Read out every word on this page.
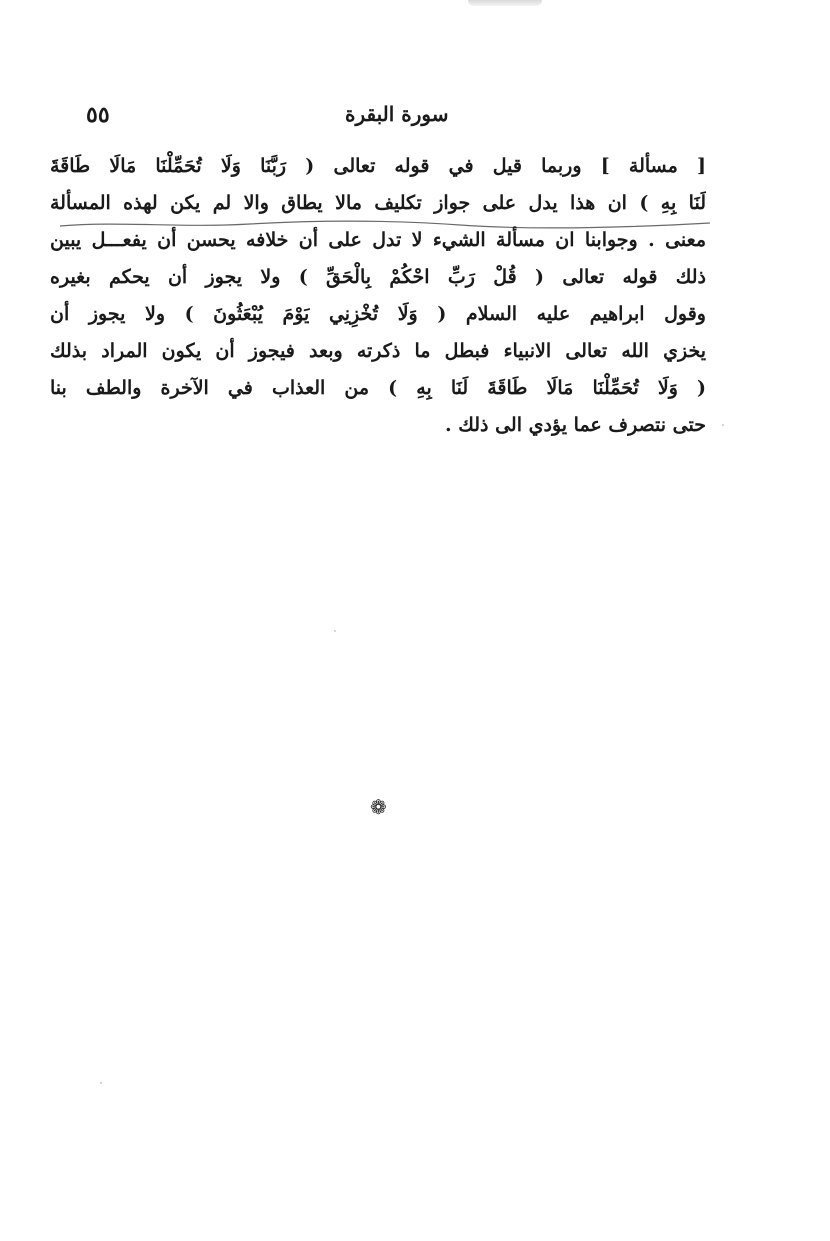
٥٥	سورة البقرة
[ مسألة ] وربما قيل في قوله تعالى ( رَبَّنَا وَلَا تُحَمِّلْنَا مَالَا طَاقَةَ
لَنَا بِهِ ) ان هذا يدل على جواز تكليف مالا يطاق والا لم يكن لهذه المسألة
معنى . وجوابنا ان مسألة الشيء لا تدل على أن خلافه يحسن أن يفعـــل يبين
ذلك قوله تعالى ( قُلْ رَبِّ احْكُمْ بِالْحَقِّ ) ولا يجوز أن يحكم بغيره
وقول ابراهيم عليه السلام ( وَلَا تُخْزِنِي يَوْمَ يُبْعَثُونَ ) ولا يجوز أن
يخزي الله تعالى الانبياء فبطل ما ذكرته وبعد فيجوز أن يكون المراد بذلك
( وَلَا تُحَمِّلْنَا مَالَا طَاقَةَ لَنَا بِهِ ) من العذاب في الآخرة والطف بنا
حتى نتصرف عما يؤدي الى ذلك .
❁
